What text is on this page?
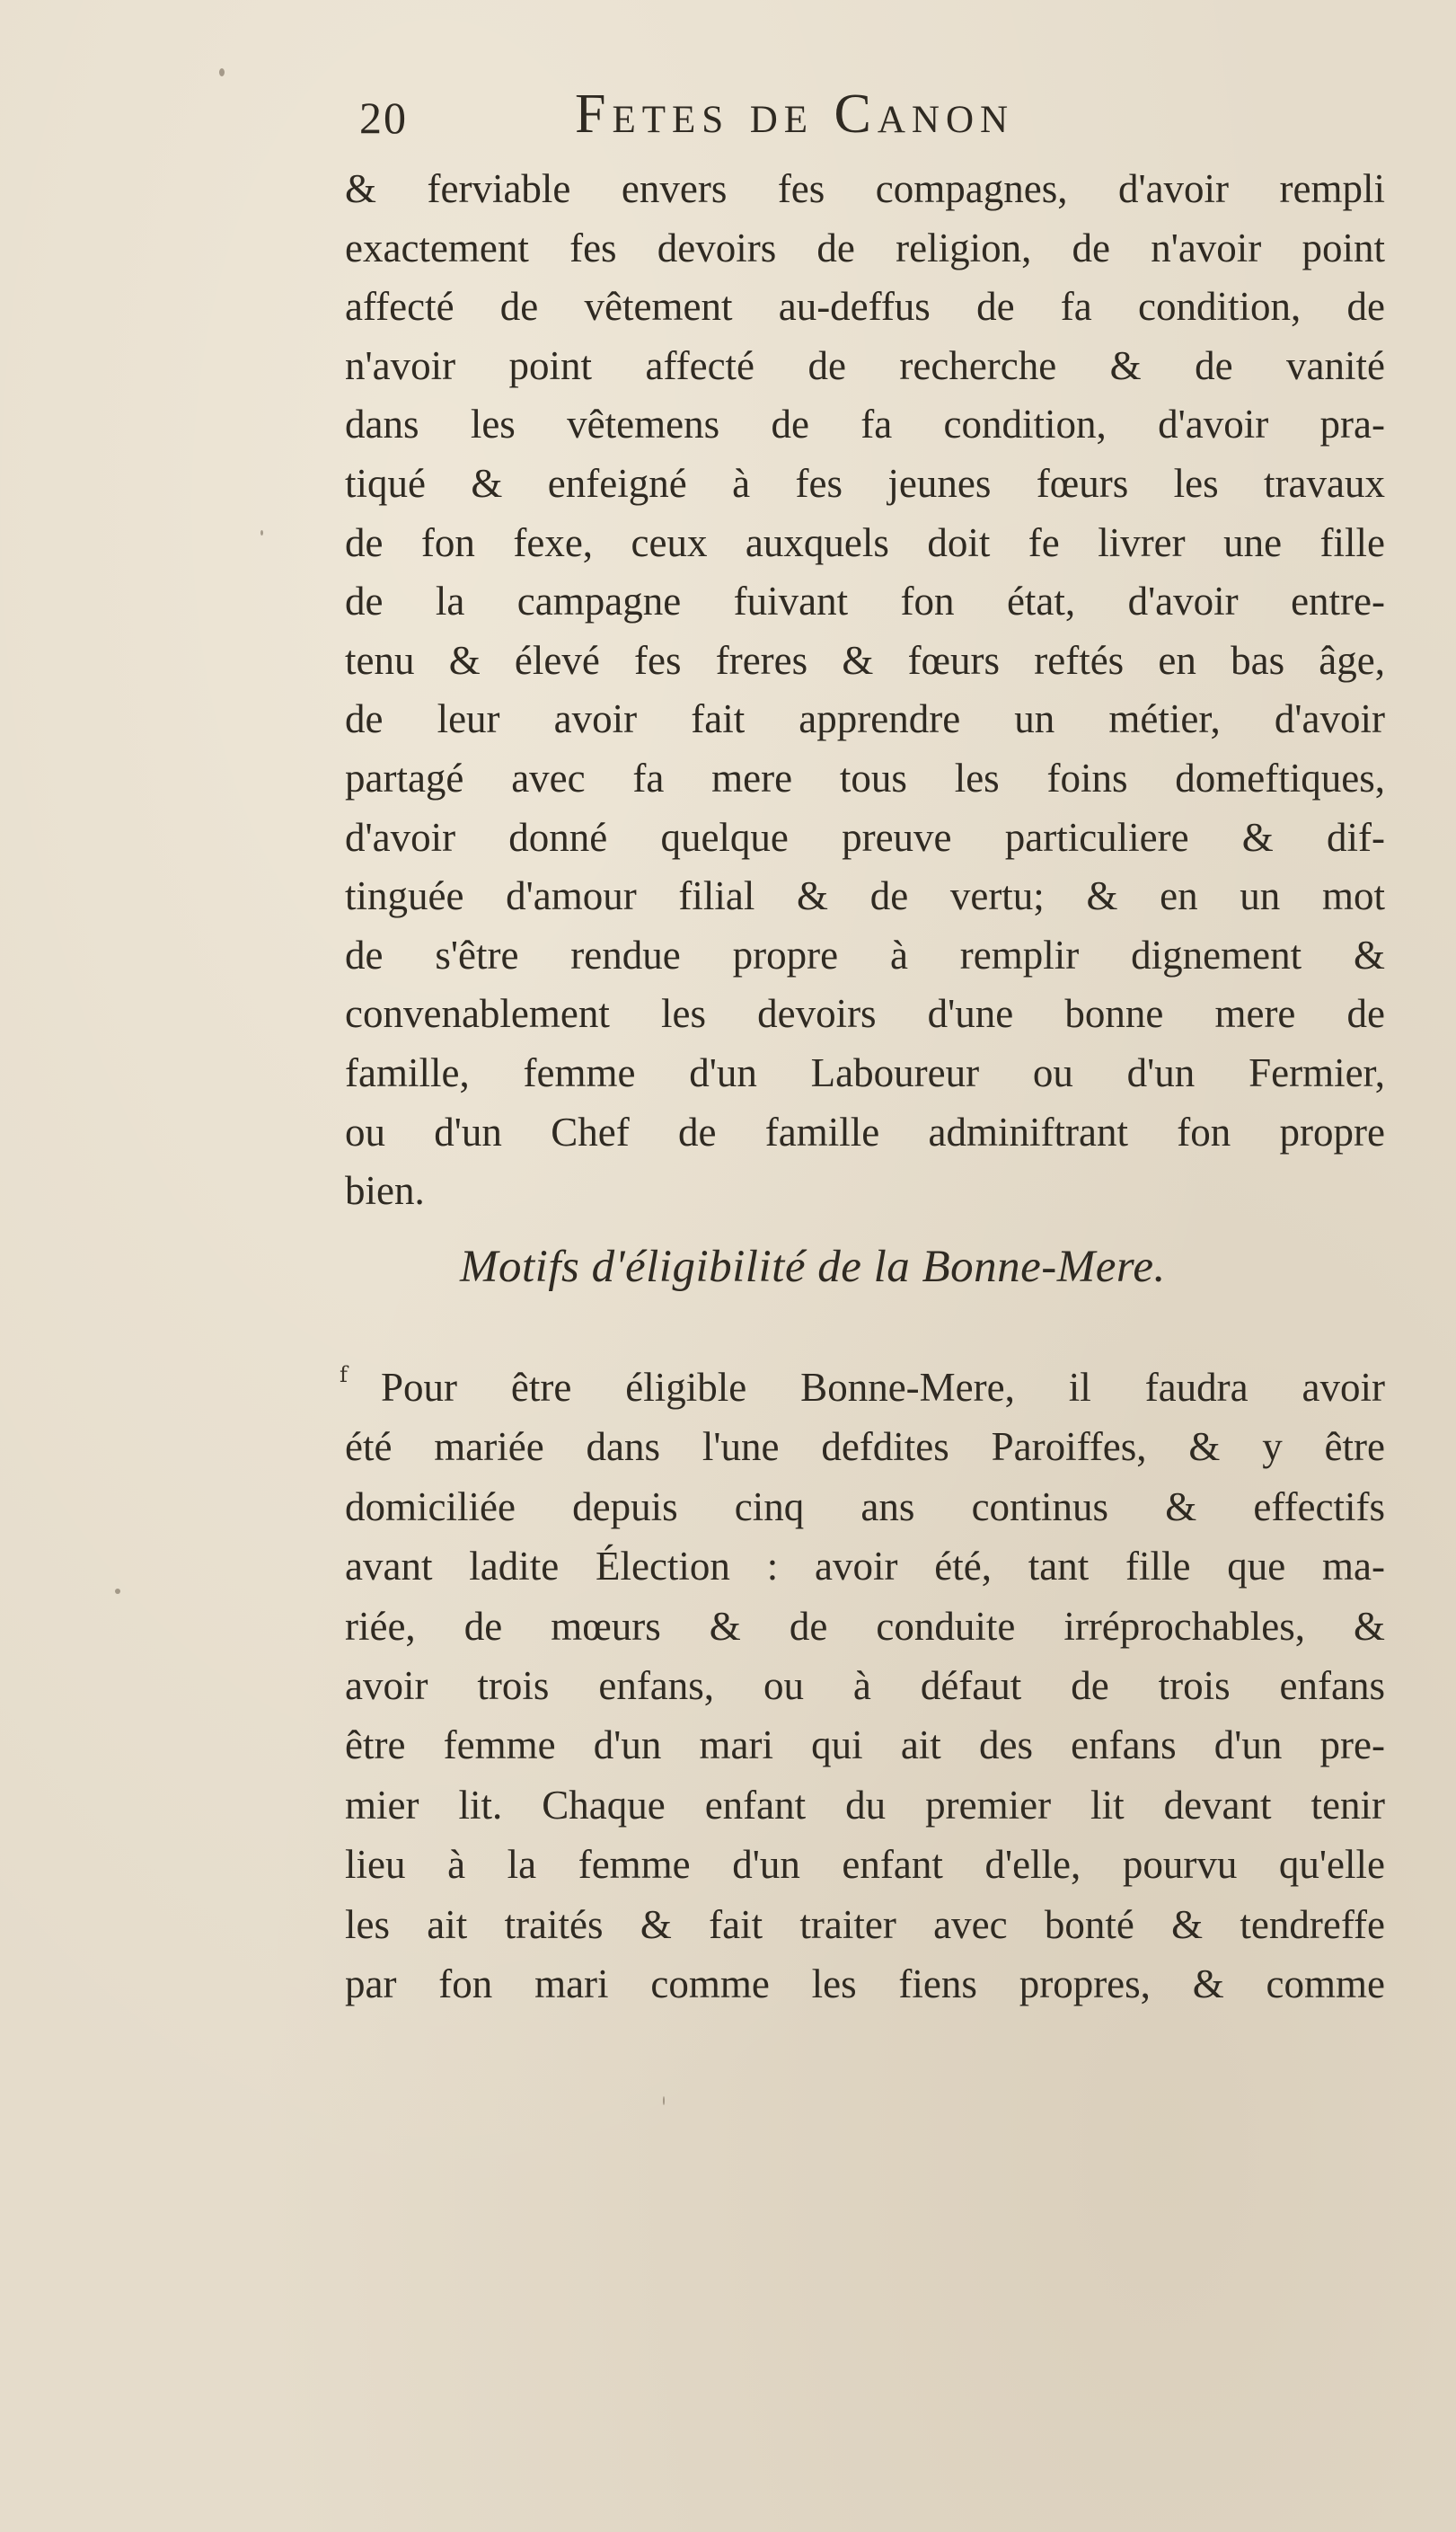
20	Fetes de Canon
& ferviable envers fes compagnes, d'avoir rempli
exactement fes devoirs de religion, de n'avoir point
affecté de vêtement au-deffus de fa condition, de
n'avoir point affecté de recherche & de vanité
dans les vêtemens de fa condition, d'avoir pra-
tiqué & enfeigné à fes jeunes fœurs les travaux
de fon fexe, ceux auxquels doit fe livrer une fille
de la campagne fuivant fon état, d'avoir entre-
tenu & élevé fes freres & fœurs reftés en bas âge,
de leur avoir fait apprendre un métier, d'avoir
partagé avec fa mere tous les foins domeftiques,
d'avoir donné quelque preuve particuliere & dif-
tinguée d'amour filial & de vertu; & en un mot
de s'être rendue propre à remplir dignement &
convenablement les devoirs d'une bonne mere de
famille, femme d'un Laboureur ou d'un Fermier,
ou d'un Chef de famille adminiftrant fon propre
bien.
Motifs d'éligibilité de la Bonne-Mere.
f Pour être éligible Bonne-Mere, il faudra avoir
été mariée dans l'une defdites Paroiffes, & y être
domiciliée depuis cinq ans continus & effectifs
avant ladite Élection : avoir été, tant fille que ma-
riée, de mœurs & de conduite irréprochables, &
avoir trois enfans, ou à défaut de trois enfans
être femme d'un mari qui ait des enfans d'un pre-
mier lit. Chaque enfant du premier lit devant tenir
lieu à la femme d'un enfant d'elle, pourvu qu'elle
les ait traités & fait traiter avec bonté & tendreffe
par fon mari comme les fiens propres, & comme
